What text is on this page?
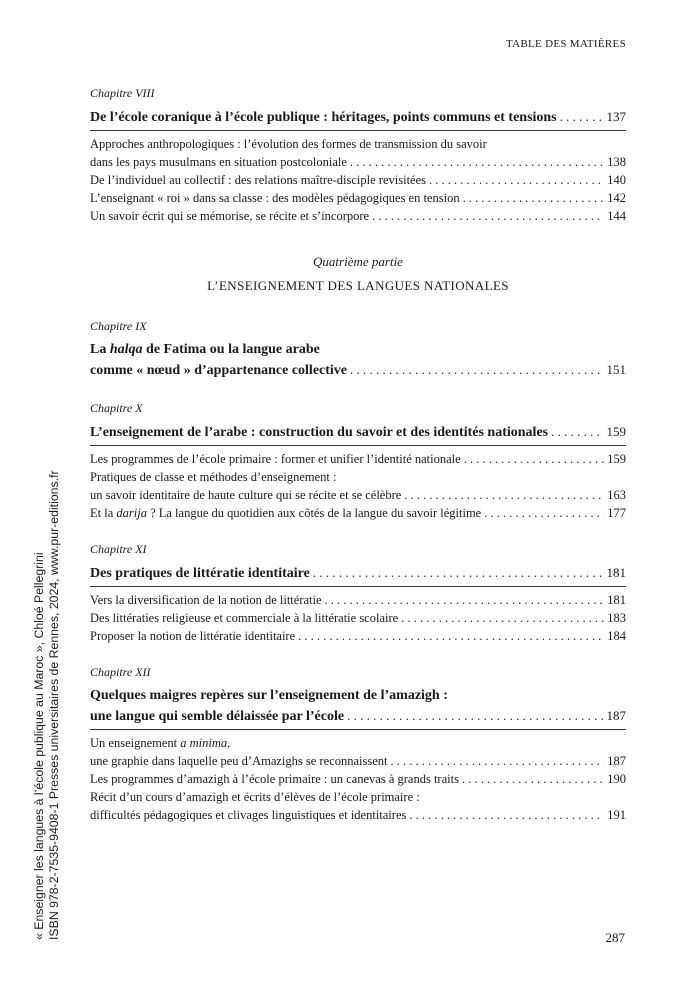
TABLE DES MATIÈRES
Chapitre VIII
De l’école coranique à l’école publique : héritages, points communs et tensions . . .	137
Approches anthropologiques : l’évolution des formes de transmission du savoir
dans les pays musulmans en situation postcoloniale . . .	138
De l’individuel au collectif : des relations maître-disciple revisitées . . .	140
L’enseignant « roi » dans sa classe : des modèles pédagogiques en tension . . .	142
Un savoir écrit qui se mémorise, se récite et s’incorpore . . .	144
Quatrième partie
L’ENSEIGNEMENT DES LANGUES NATIONALES
Chapitre IX
La halqa de Fatima ou la langue arabe
comme « nœud » d’appartenance collective . . .	151
Chapitre X
L’enseignement de l’arabe : construction du savoir et des identités nationales . . .	159
Les programmes de l’école primaire : former et unifier l’identité nationale . . .	159
Pratiques de classe et méthodes d’enseignement :
un savoir identitaire de haute culture qui se récite et se célèbre . . .	163
Et la darija ? La langue du quotidien aux côtés de la langue du savoir légitime . . .	177
Chapitre XI
Des pratiques de littératie identitaire . . .	181
Vers la diversification de la notion de littératie . . .	181
Des littératies religieuse et commerciale à la littératie scolaire . . .	183
Proposer la notion de littératie identitaire . . .	184
Chapitre XII
Quelques maigres repères sur l’enseignement de l’amazigh :
une langue qui semble délaissée par l’école . . .	187
Un enseignement a minima,
une graphie dans laquelle peu d’Amazighs se reconnaissent . . .	187
Les programmes d’amazigh à l’école primaire : un canevas à grands traits . . .	190
Récit d’un cours d’amazigh et écrits d’élèves de l’école primaire :
difficultés pédagogiques et clivages linguistiques et identitaires . . .	191
« Enseigner les langues à l’école publique au Maroc », Chloé Pellegrini ISBN 978-2-7535-9408-1 Presses universitaires de Rennes, 2024, www.pur-editions.fr	287
